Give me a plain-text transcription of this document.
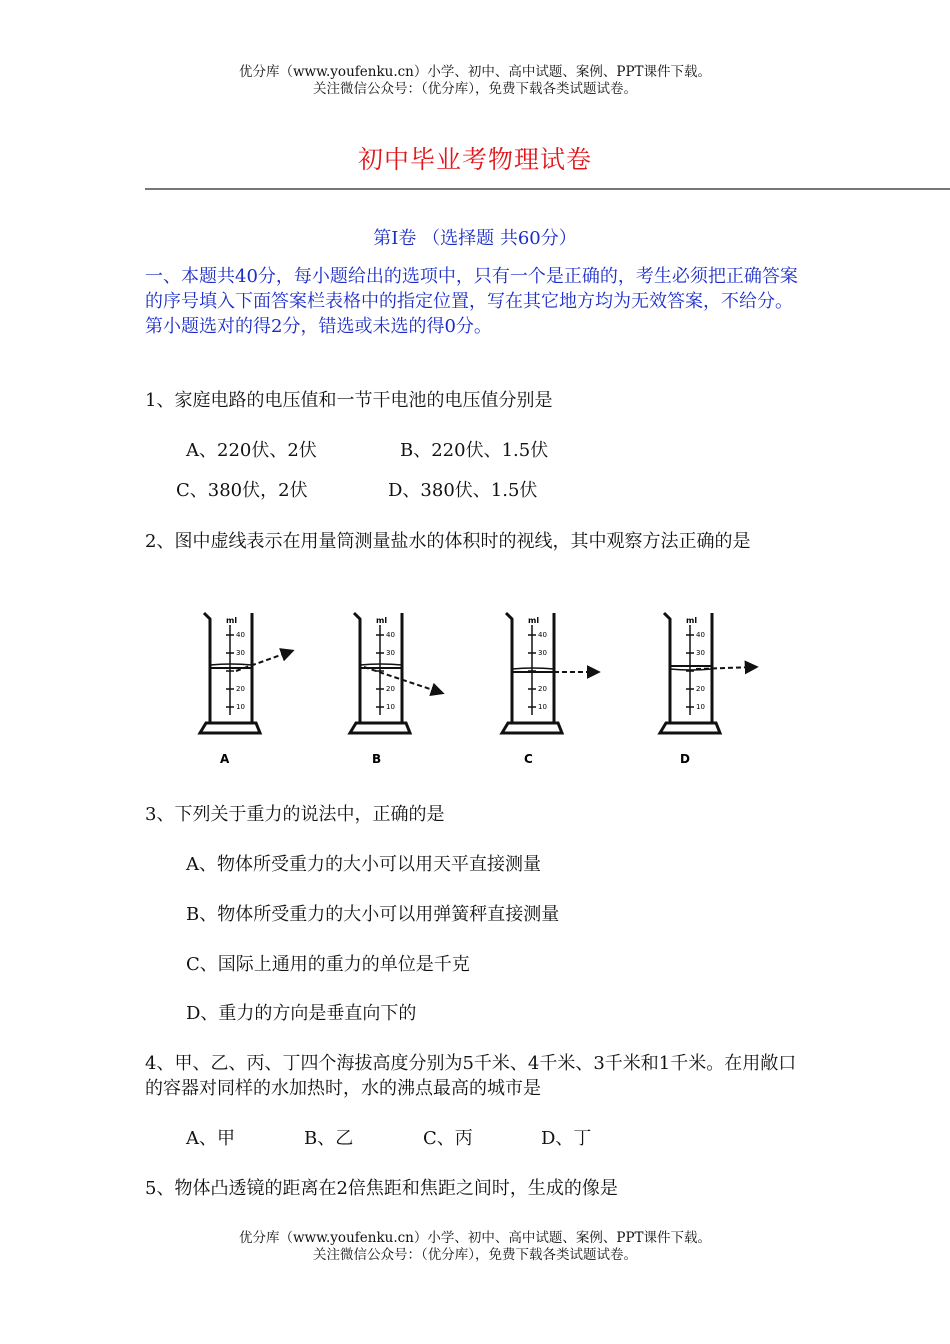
优分库（www.youfenku.cn）小学、初中、高中试题、案例、PPT课件下载。
关注微信公众号：（优分库），免费下载各类试题试卷。
初中毕业考物理试卷
第Ⅰ卷 （选择题 共60分）
一、本题共40分，每小题给出的选项中，只有一个是正确的，考生必须把正确答案的序号填入下面答案栏表格中的指定位置，写在其它地方均为无效答案，不给分。第小题选对的得2分，错选或未选的得0分。
1、家庭电路的电压值和一节干电池的电压值分别是
A、220伏、2伏	B、220伏、1.5伏
C、380伏，2伏	D、380伏、1.5伏
2、图中虚线表示在用量筒测量盐水的体积时的视线，其中观察方法正确的是
ml
40
30
20
10
A
ml
40
30
20
10
B
ml
40
30
20
10
C
ml
40
30
20
10
D
3、下列关于重力的说法中，正确的是
A、物体所受重力的大小可以用天平直接测量
B、物体所受重力的大小可以用弹簧秤直接测量
C、国际上通用的重力的单位是千克
D、重力的方向是垂直向下的
4、甲、乙、丙、丁四个海拔高度分别为5千米、4千米、3千米和1千米。在用敞口的容器对同样的水加热时，水的沸点最高的城市是
A、甲	B、乙	C、丙	D、丁
5、物体凸透镜的距离在2倍焦距和焦距之间时，生成的像是
优分库（www.youfenku.cn）小学、初中、高中试题、案例、PPT课件下载。
关注微信公众号：（优分库），免费下载各类试题试卷。
